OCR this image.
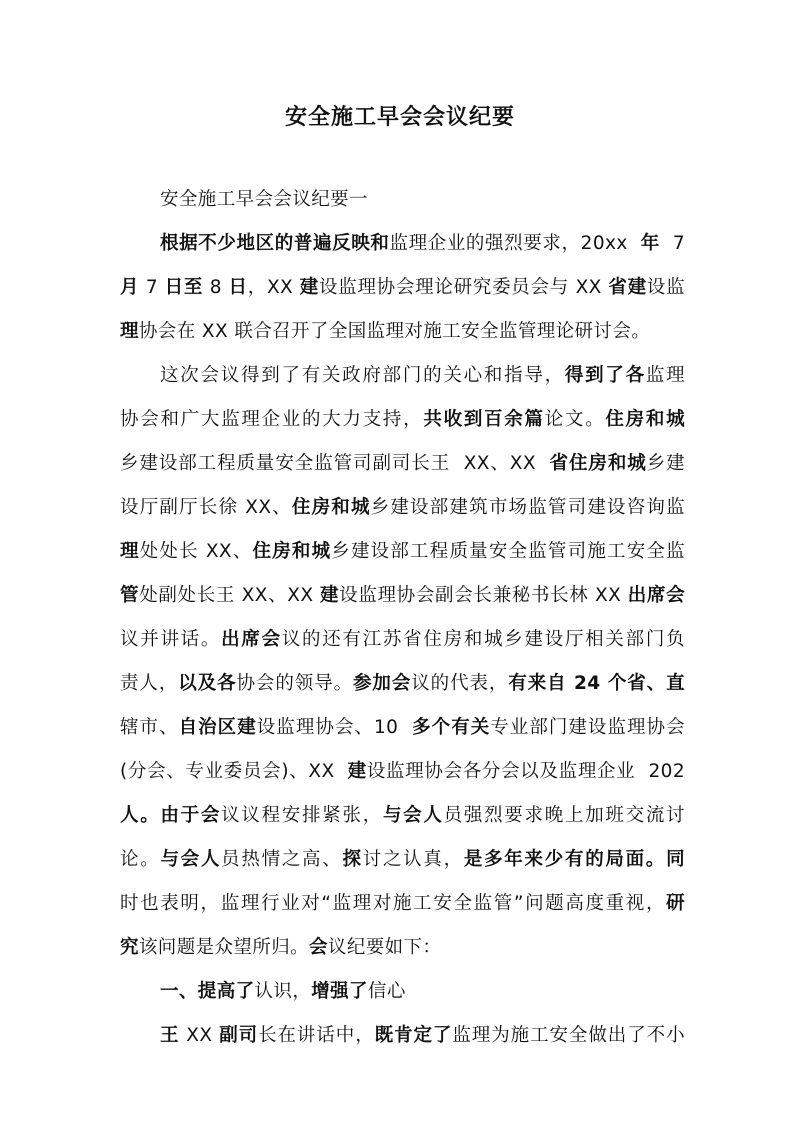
安全施工早会会议纪要
安全施工早会会议纪要一
根据不少地区的普遍反映和监理企业的强烈要求，20xx  年  7
月 7 日至 8 日，XX 建设监理协会理论研究委员会与 XX 省建设监
理协会在 XX 联合召开了全国监理对施工安全监管理论研讨会。
这次会议得到了有关政府部门的关心和指导，得到了各监理
协会和广大监理企业的大力支持，共收到百余篇论文。住房和城
乡建设部工程质量安全监管司副司长王  XX、XX  省住房和城乡建
设厅副厅长徐 XX、住房和城乡建设部建筑市场监管司建设咨询监
理处处长 XX、住房和城乡建设部工程质量安全监管司施工安全监
管处副处长王 XX、XX 建设监理协会副会长兼秘书长林 XX 出席会
议并讲话。出席会议的还有江苏省住房和城乡建设厅相关部门负
责人，以及各协会的领导。参加会议的代表，有来自 24 个省、直
辖市、自治区建设监理协会、10  多个有关专业部门建设监理协会
(分会、专业委员会)、XX  建设监理协会各分会以及监理企业  202
人。由于会议议程安排紧张，与会人员强烈要求晚上加班交流讨
论。与会人员热情之高、探讨之认真，是多年来少有的局面。同
时也表明，监理行业对“监理对施工安全监管”问题高度重视，研
究该问题是众望所归。会议纪要如下：
一、提高了认识，增强了信心
王 XX 副司长在讲话中，既肯定了监理为施工安全做出了不小
